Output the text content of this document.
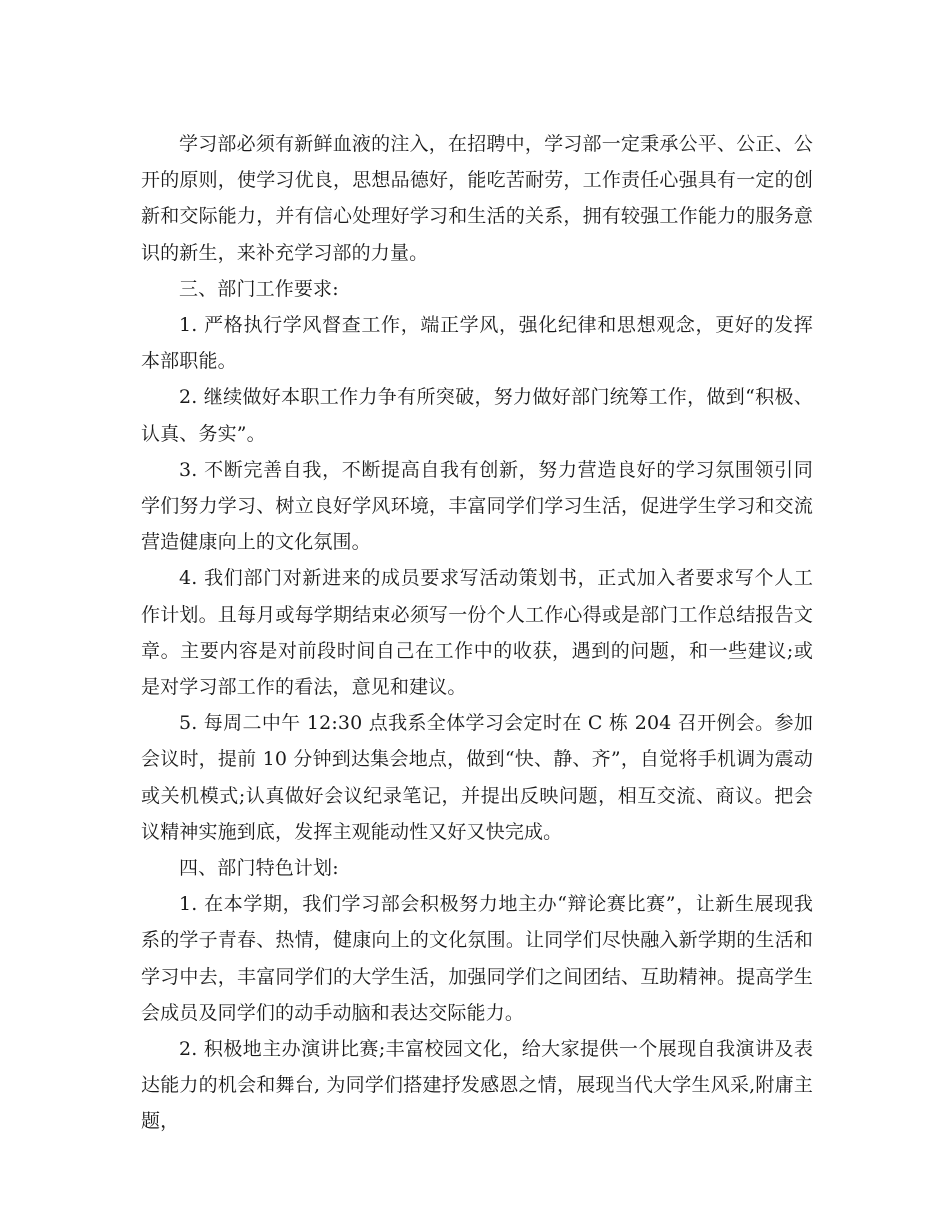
学习部必须有新鲜血液的注入，在招聘中，学习部一定秉承公平、公正、公开的原则，使学习优良，思想品德好，能吃苦耐劳，工作责任心强具有一定的创新和交际能力，并有信心处理好学习和生活的关系，拥有较强工作能力的服务意识的新生，来补充学习部的力量。

三、部门工作要求:

1. 严格执行学风督查工作，端正学风，强化纪律和思想观念，更好的发挥本部职能。

2. 继续做好本职工作力争有所突破，努力做好部门统筹工作，做到“积极、认真、务实”。

3. 不断完善自我，不断提高自我有创新，努力营造良好的学习氛围领引同学们努力学习、树立良好学风环境，丰富同学们学习生活，促进学生学习和交流营造健康向上的文化氛围。

4. 我们部门对新进来的成员要求写活动策划书，正式加入者要求写个人工作计划。且每月或每学期结束必须写一份个人工作心得或是部门工作总结报告文章。主要内容是对前段时间自己在工作中的收获，遇到的问题，和一些建议;或是对学习部工作的看法，意见和建议。

5. 每周二中午 12:30 点我系全体学习会定时在 C 栋 204 召开例会。参加会议时，提前 10 分钟到达集会地点，做到“快、静、齐”，自觉将手机调为震动或关机模式;认真做好会议纪录笔记，并提出反映问题，相互交流、商议。把会议精神实施到底，发挥主观能动性又好又快完成。

四、部门特色计划:

1. 在本学期，我们学习部会积极努力地主办“辩论赛比赛”，让新生展现我系的学子青春、热情，健康向上的文化氛围。让同学们尽快融入新学期的生活和学习中去，丰富同学们的大学生活，加强同学们之间团结、互助精神。提高学生会成员及同学们的动手动脑和表达交际能力。

2. 积极地主办演讲比赛;丰富校园文化，给大家提供一个展现自我演讲及表达能力的机会和舞台, 为同学们搭建抒发感恩之情，展现当代大学生风采,附庸主题，
